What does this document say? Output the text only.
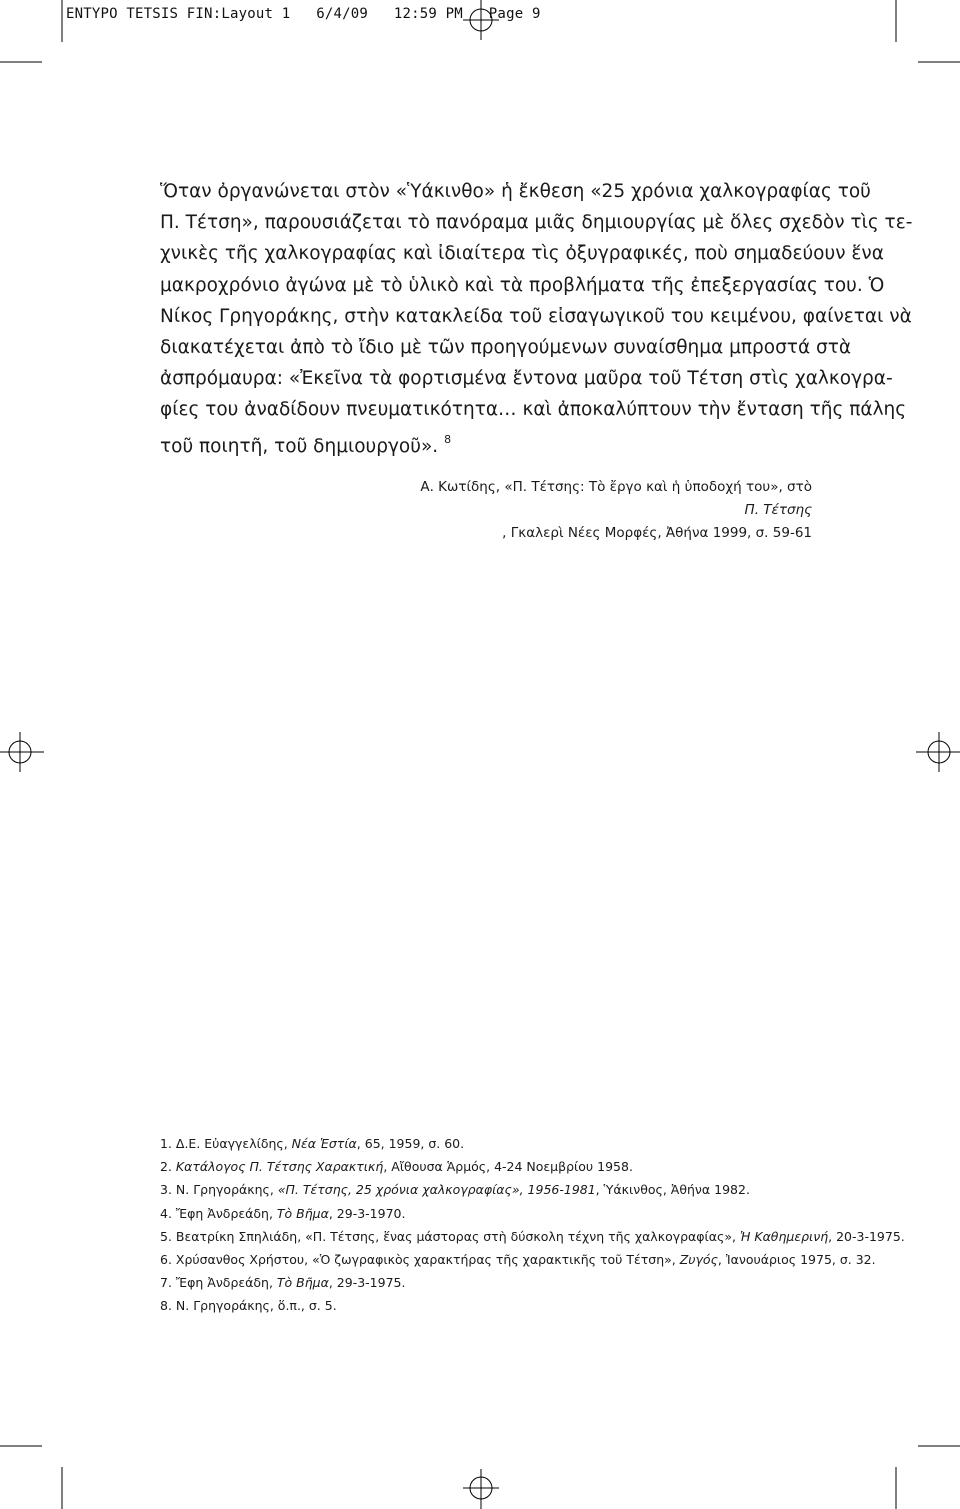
ENTYPO TETSIS FIN:Layout 1   6/4/09   12:59 PM   Page 9

Ὅταν ὀργανώνεται στὸν «Ὑάκινθο» ἡ ἔκθεση «25 χρόνια χαλκογραφίας τοῦ
Π. Τέτση», παρουσιάζεται τὸ πανόραμα μιᾶς δημιουργίας μὲ ὅλες σχεδὸν τὶς τε-
χνικὲς τῆς χαλκογραφίας καὶ ἰδιαίτερα τὶς ὀξυγραφικές, ποὺ σημαδεύουν ἕνα
μακροχρόνιο ἀγώνα μὲ τὸ ὑλικὸ καὶ τὰ προβλήματα τῆς ἐπεξεργασίας του. Ὁ
Νίκος Γρηγοράκης, στὴν κατακλείδα τοῦ εἰσαγωγικοῦ του κειμένου, φαίνεται νὰ
διακατέχεται ἀπὸ τὸ ἴδιο μὲ τῶν προηγούμενων συναίσθημα μπροστά στὰ
ἀσπρόμαυρα: «Ἐκεῖνα τὰ φορτισμένα ἔντονα μαῦρα τοῦ Τέτση στὶς χαλκογρα-
φίες του ἀναδίδουν πνευματικότητα… καὶ ἀποκαλύπτουν τὴν ἔνταση τῆς πάλης
τοῦ ποιητῆ, τοῦ δημιουργοῦ». $^8$

Α. Κωτίδης, «Π. Τέτσης: Τὸ ἔργο καὶ ἡ ὑποδοχή του», στὸ
Π. Τέτσης
, Γκαλερὶ Νέες Μορφές, Ἀθήνα 1999, σ. 59-61
1. Δ.Ε. Εὐαγγελίδης, Νέα Ἑστία, 65, 1959, σ. 60.
2. Κατάλογος Π. Τέτσης Χαρακτική, Αἴθουσα Ἁρμός, 4-24 Νοεμβρίου 1958.
3. Ν. Γρηγοράκης, «Π. Τέτσης, 25 χρόνια χαλκογραφίας», 1956-1981, Ὑάκινθος, Ἀθήνα 1982.
4. Ἔφη Ἀνδρεάδη, Τὸ Βῆμα, 29-3-1970.
5. Βεατρίκη Σπηλιάδη, «Π. Τέτσης, ἕνας μάστορας στὴ δύσκολη τέχνη τῆς χαλκογραφίας», Ἡ Καθημερινή, 20-3-1975.
6. Χρύσανθος Χρήστου, «Ὁ ζωγραφικὸς χαρακτήρας τῆς χαρακτικῆς τοῦ Τέτση», Ζυγός, Ἰανουάριος 1975, σ. 32.
7. Ἔφη Ἀνδρεάδη, Τὸ Βῆμα, 29-3-1975.
8. Ν. Γρηγοράκης, ὅ.π., σ. 5.
